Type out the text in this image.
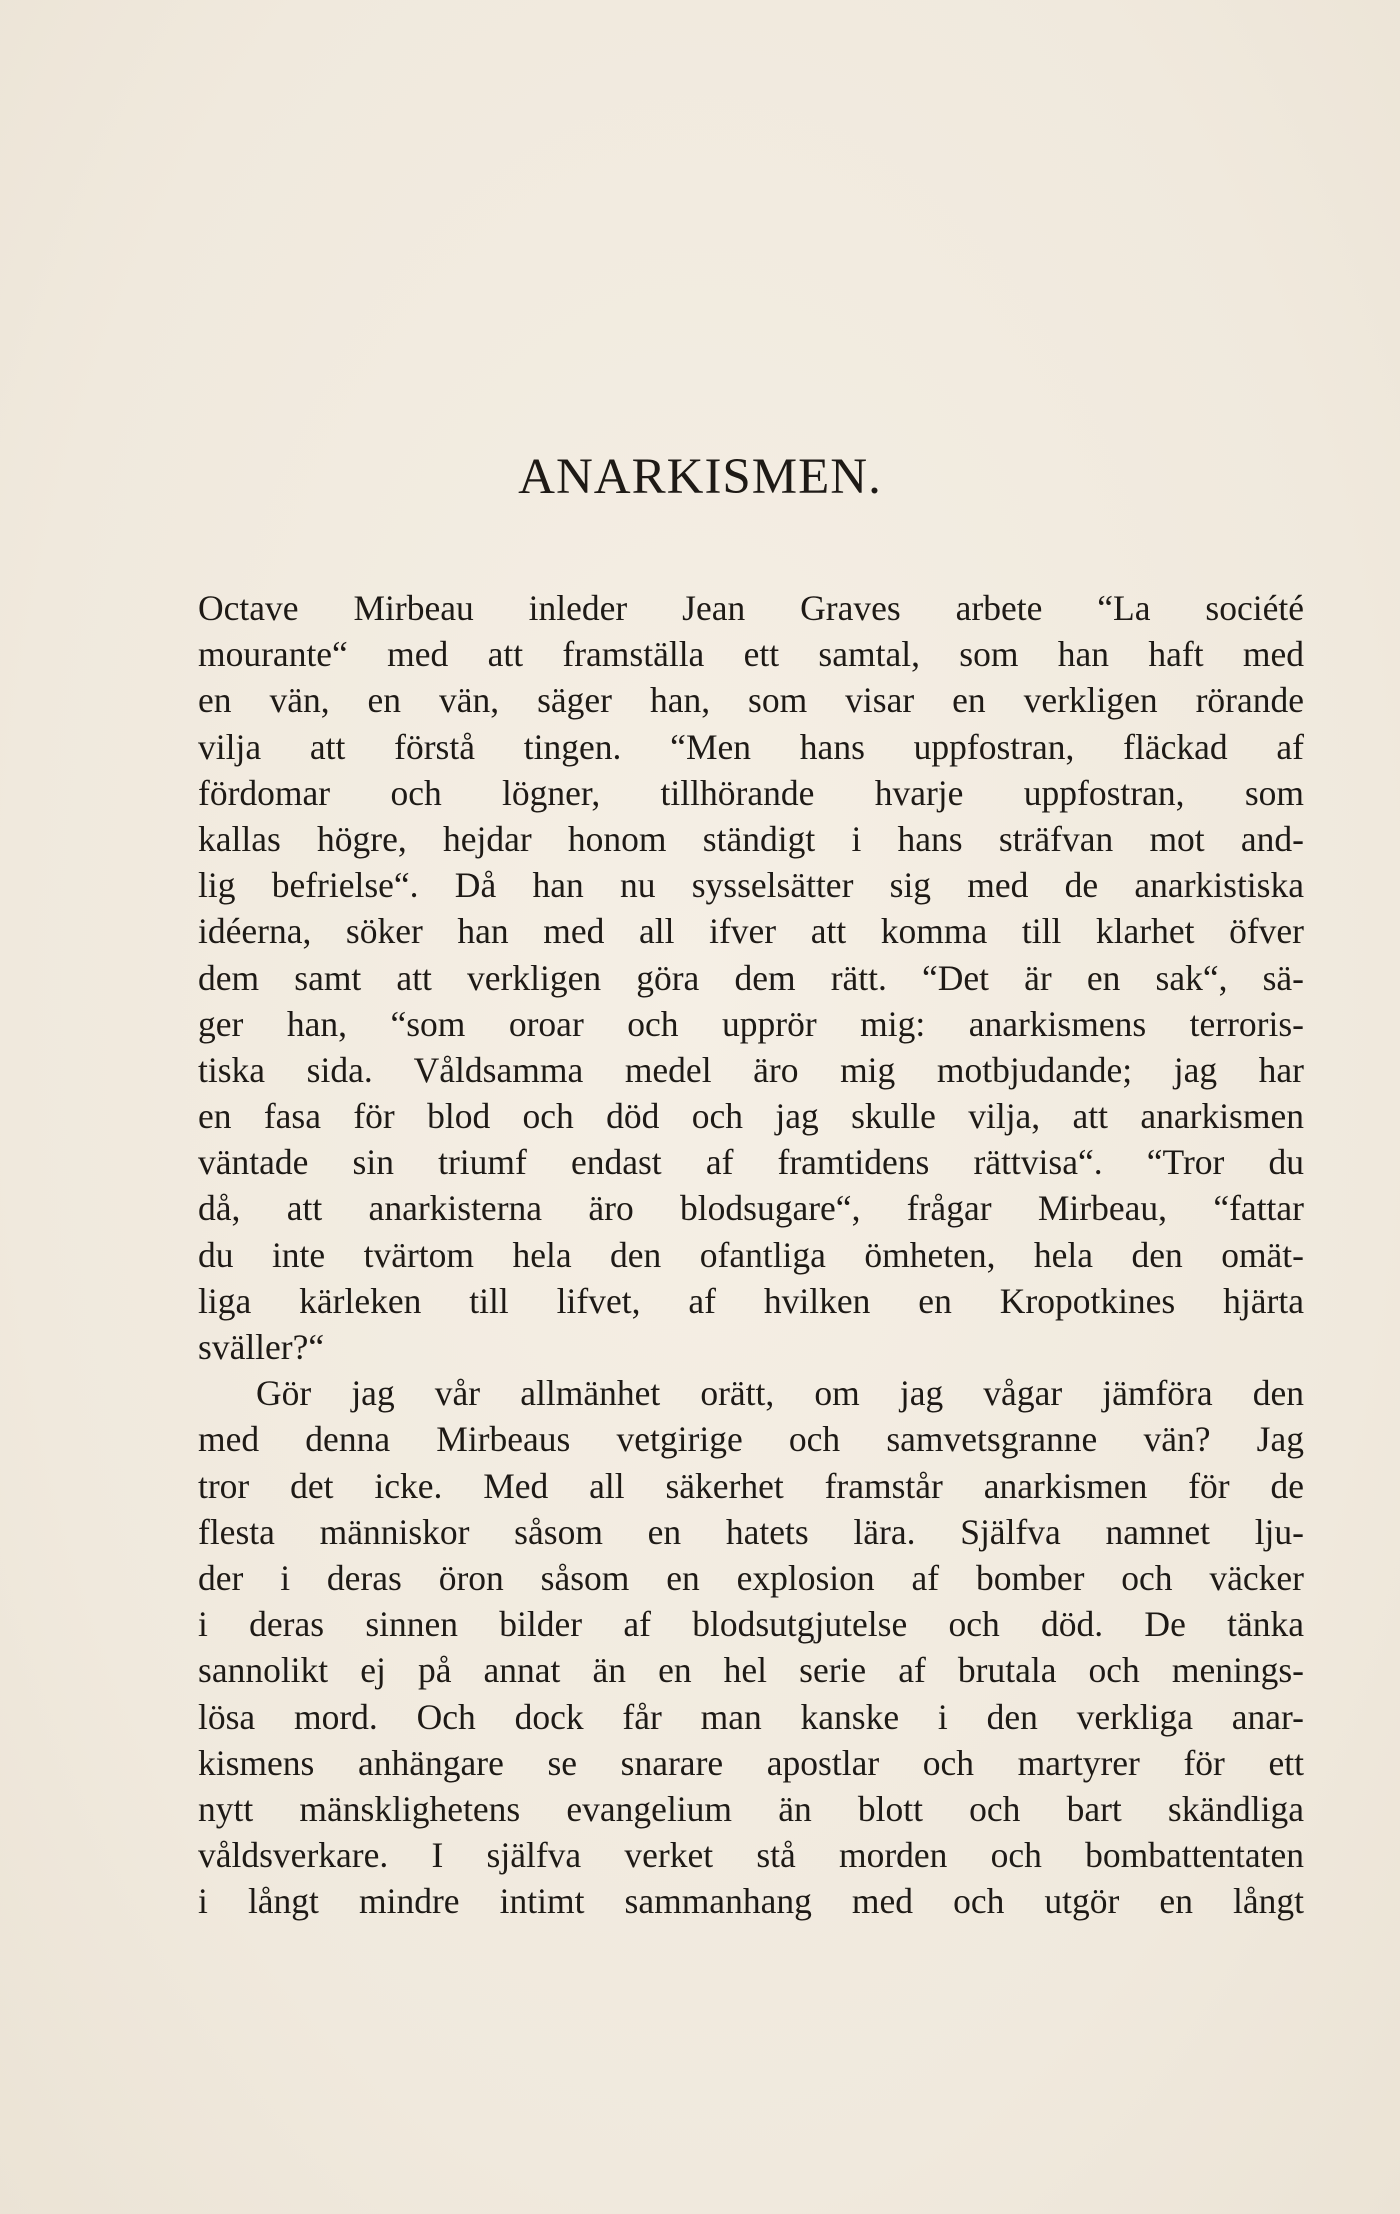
ANARKISMEN.
Octave Mirbeau inleder Jean Graves arbete “La société
mourante“ med att framställa ett samtal, som han haft med
en vän, en vän, säger han, som visar en verkligen rörande
vilja att förstå tingen. “Men hans uppfostran, fläckad af
fördomar och lögner, tillhörande hvarje uppfostran, som
kallas högre, hejdar honom ständigt i hans sträfvan mot and-
lig befrielse“. Då han nu sysselsätter sig med de anarkistiska
idéerna, söker han med all ifver att komma till klarhet öfver
dem samt att verkligen göra dem rätt. “Det är en sak“, sä-
ger han, “som oroar och upprör mig: anarkismens terroris-
tiska sida. Våldsamma medel äro mig motbjudande; jag har
en fasa för blod och död och jag skulle vilja, att anarkismen
väntade sin triumf endast af framtidens rättvisa“. “Tror du
då, att anarkisterna äro blodsugare“, frågar Mirbeau, “fattar
du inte tvärtom hela den ofantliga ömheten, hela den omät-
liga kärleken till lifvet, af hvilken en Kropotkines hjärta
sväller?“
Gör jag vår allmänhet orätt, om jag vågar jämföra den
med denna Mirbeaus vetgirige och samvetsgranne vän? Jag
tror det icke. Med all säkerhet framstår anarkismen för de
flesta människor såsom en hatets lära. Själfva namnet lju-
der i deras öron såsom en explosion af bomber och väcker
i deras sinnen bilder af blodsutgjutelse och död. De tänka
sannolikt ej på annat än en hel serie af brutala och menings-
lösa mord. Och dock får man kanske i den verkliga anar-
kismens anhängare se snarare apostlar och martyrer för ett
nytt mänsklighetens evangelium än blott och bart skändliga
våldsverkare. I själfva verket stå morden och bombattentaten
i långt mindre intimt sammanhang med och utgör en långt
